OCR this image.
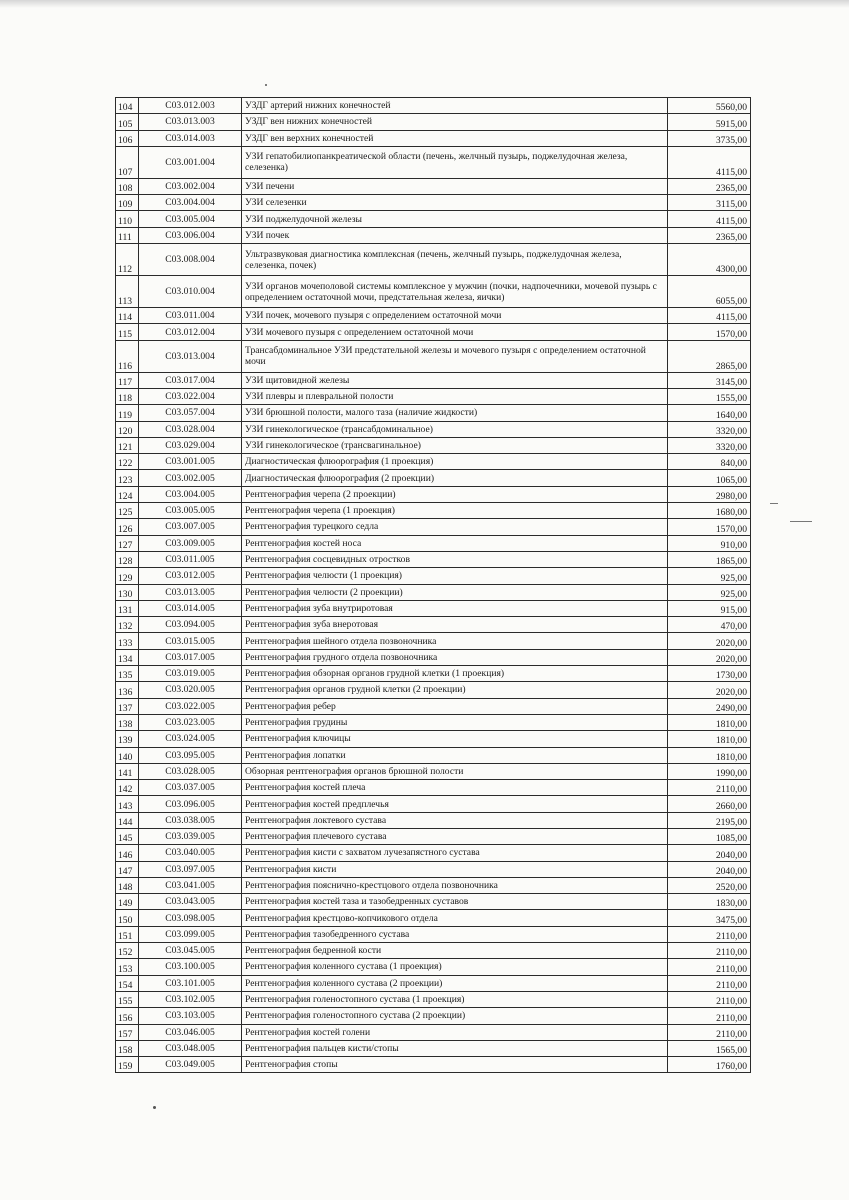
104	C03.012.003	УЗДГ артерий нижних конечностей	5560,00
105	C03.013.003	УЗДГ вен нижних конечностей	5915,00
106	C03.014.003	УЗДГ вен верхних конечностей	3735,00
107	C03.001.004	УЗИ гепатобилиопанкреатической области (печень, желчный пузырь, поджелудочная железа, селезенка)	4115,00
108	C03.002.004	УЗИ печени	2365,00
109	C03.004.004	УЗИ селезенки	3115,00
110	C03.005.004	УЗИ поджелудочной железы	4115,00
111	C03.006.004	УЗИ почек	2365,00
112	C03.008.004	Ультразвуковая диагностика комплексная (печень, желчный пузырь, поджелудочная железа, селезенка, почек)	4300,00
113	C03.010.004	УЗИ органов мочеполовой системы комплексное у мужчин (почки, надпочечники, мочевой пузырь с определением остаточной мочи, предстательная железа, яички)	6055,00
114	C03.011.004	УЗИ почек, мочевого пузыря с определением остаточной мочи	4115,00
115	C03.012.004	УЗИ мочевого пузыря с определением остаточной мочи	1570,00
116	C03.013.004	Трансабдоминальное УЗИ предстательной железы и мочевого пузыря с определением остаточной мочи	2865,00
117	C03.017.004	УЗИ щитовидной железы	3145,00
118	C03.022.004	УЗИ плевры и плевральной полости	1555,00
119	C03.057.004	УЗИ брюшной полости, малого таза (наличие жидкости)	1640,00
120	C03.028.004	УЗИ гинекологическое (трансабдоминальное)	3320,00
121	C03.029.004	УЗИ гинекологическое (трансвагинальное)	3320,00
122	C03.001.005	Диагностическая флюорография (1 проекция)	840,00
123	C03.002.005	Диагностическая флюорография (2 проекции)	1065,00
124	C03.004.005	Рентгенография черепа (2 проекции)	2980,00
125	C03.005.005	Рентгенография черепа (1 проекция)	1680,00
126	C03.007.005	Рентгенография турецкого седла	1570,00
127	C03.009.005	Рентгенография костей носа	910,00
128	C03.011.005	Рентгенография сосцевидных отростков	1865,00
129	C03.012.005	Рентгенография челюсти (1 проекция)	925,00
130	C03.013.005	Рентгенография челюсти (2 проекции)	925,00
131	C03.014.005	Рентгенография зуба внутриротовая	915,00
132	C03.094.005	Рентгенография зуба внеротовая	470,00
133	C03.015.005	Рентгенография шейного отдела позвоночника	2020,00
134	C03.017.005	Рентгенография грудного отдела позвоночника	2020,00
135	C03.019.005	Рентгенография обзорная органов грудной клетки (1 проекция)	1730,00
136	C03.020.005	Рентгенография органов грудной клетки (2 проекции)	2020,00
137	C03.022.005	Рентгенография ребер	2490,00
138	C03.023.005	Рентгенография грудины	1810,00
139	C03.024.005	Рентгенография ключицы	1810,00
140	C03.095.005	Рентгенография лопатки	1810,00
141	C03.028.005	Обзорная рентгенография органов брюшной полости	1990,00
142	C03.037.005	Рентгенография костей плеча	2110,00
143	C03.096.005	Рентгенография костей предплечья	2660,00
144	C03.038.005	Рентгенография локтевого сустава	2195,00
145	C03.039.005	Рентгенография плечевого сустава	1085,00
146	C03.040.005	Рентгенография кисти с захватом лучезапястного сустава	2040,00
147	C03.097.005	Рентгенография кисти	2040,00
148	C03.041.005	Рентгенография пояснично-крестцового отдела позвоночника	2520,00
149	C03.043.005	Рентгенография костей таза и тазобедренных суставов	1830,00
150	C03.098.005	Рентгенография крестцово-копчикового отдела	3475,00
151	C03.099.005	Рентгенография тазобедренного сустава	2110,00
152	C03.045.005	Рентгенография бедренной кости	2110,00
153	C03.100.005	Рентгенография коленного сустава (1 проекция)	2110,00
154	C03.101.005	Рентгенография коленного сустава (2 проекции)	2110,00
155	C03.102.005	Рентгенография голеностопного сустава (1 проекция)	2110,00
156	C03.103.005	Рентгенография голеностопного сустава (2 проекции)	2110,00
157	C03.046.005	Рентгенография костей голени	2110,00
158	C03.048.005	Рентгенография пальцев кисти/стопы	1565,00
159	C03.049.005	Рентгенография стопы	1760,00
